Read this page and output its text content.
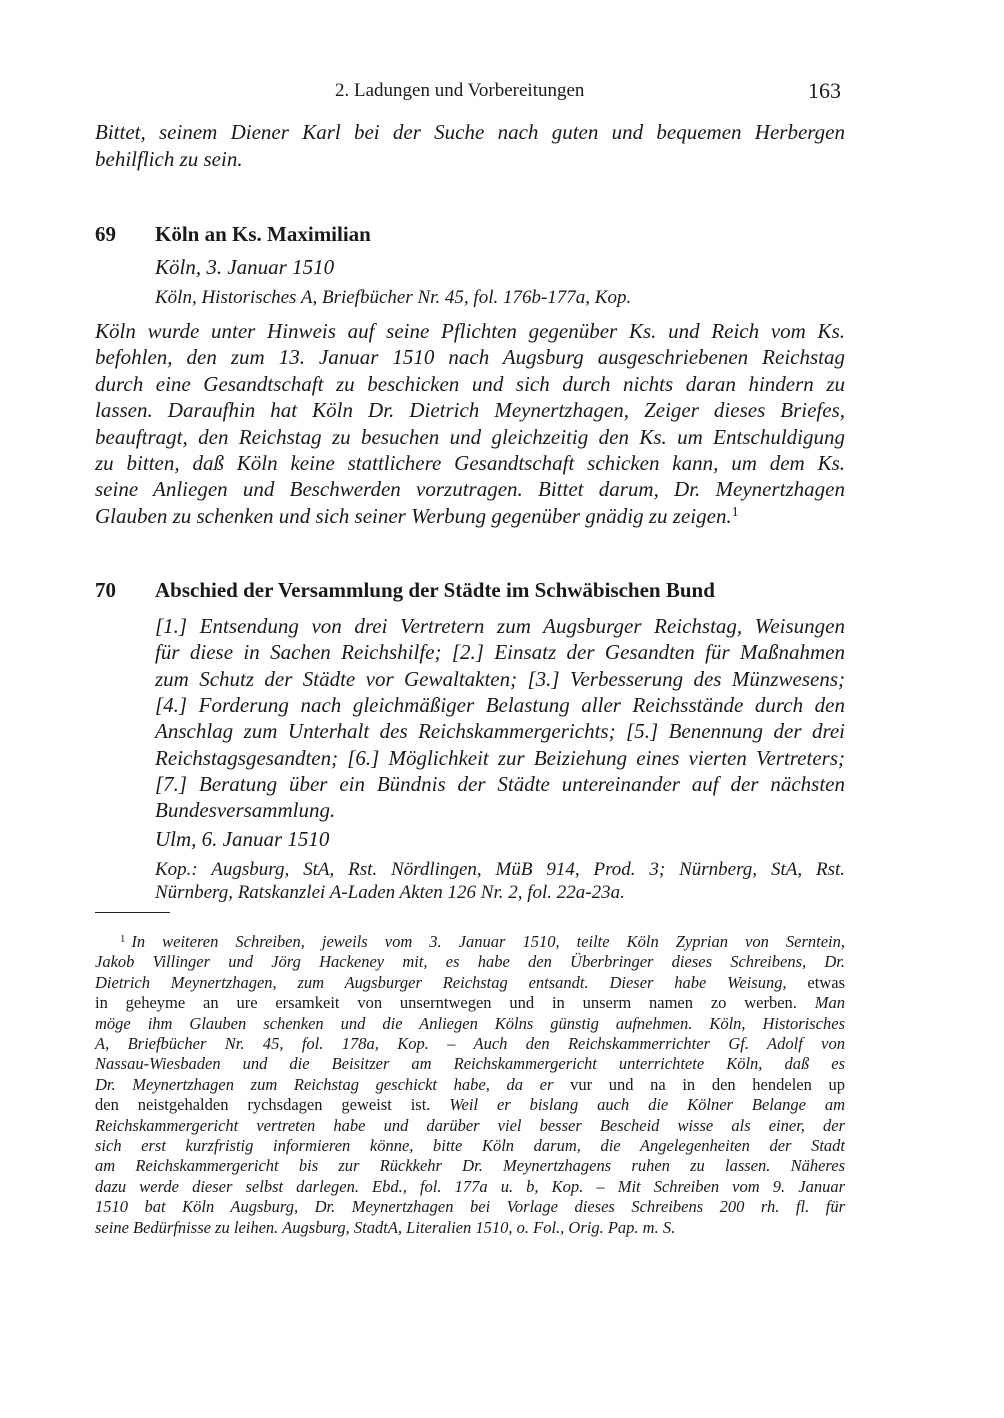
2. Ladungen und Vorbereitungen	163
Bittet, seinem Diener Karl bei der Suche nach guten und bequemen Herbergen
behilflich zu sein.
69 Köln an Ks. Maximilian
Köln, 3. Januar 1510
Köln, Historisches A, Briefbücher Nr. 45, fol. 176b-177a, Kop.
Köln wurde unter Hinweis auf seine Pflichten gegenüber Ks. und Reich vom Ks.
befohlen, den zum 13. Januar 1510 nach Augsburg ausgeschriebenen Reichstag
durch eine Gesandtschaft zu beschicken und sich durch nichts daran hindern zu
lassen. Daraufhin hat Köln Dr. Dietrich Meynertzhagen, Zeiger dieses Briefes,
beauftragt, den Reichstag zu besuchen und gleichzeitig den Ks. um Entschuldigung
zu bitten, daß Köln keine stattlichere Gesandtschaft schicken kann, um dem Ks.
seine Anliegen und Beschwerden vorzutragen. Bittet darum, Dr. Meynertzhagen
Glauben zu schenken und sich seiner Werbung gegenüber gnädig zu zeigen.$^1$
70 Abschied der Versammlung der Städte im Schwäbischen Bund
[1.] Entsendung von drei Vertretern zum Augsburger Reichstag, Weisungen
für diese in Sachen Reichshilfe; [2.] Einsatz der Gesandten für Maßnahmen
zum Schutz der Städte vor Gewaltakten; [3.] Verbesserung des Münzwesens;
[4.] Forderung nach gleichmäßiger Belastung aller Reichsstände durch den
Anschlag zum Unterhalt des Reichskammergerichts; [5.] Benennung der drei
Reichstagsgesandten; [6.] Möglichkeit zur Beiziehung eines vierten Vertreters;
[7.] Beratung über ein Bündnis der Städte untereinander auf der nächsten
Bundesversammlung.
Ulm, 6. Januar 1510
Kop.: Augsburg, StA, Rst. Nördlingen, MüB 914, Prod. 3; Nürnberg, StA, Rst.
Nürnberg, Ratskanzlei A-Laden Akten 126 Nr. 2, fol. 22a-23a.
$^1$ In weiteren Schreiben, jeweils vom 3. Januar 1510, teilte Köln Zyprian von Serntein,
Jakob Villinger und Jörg Hackeney mit, es habe den Überbringer dieses Schreibens, Dr.
Dietrich Meynertzhagen, zum Augsburger Reichstag entsandt. Dieser habe Weisung, etwas
in geheyme an ure ersamkeit von unserntwegen und in unserm namen zo werben. Man
möge ihm Glauben schenken und die Anliegen Kölns günstig aufnehmen. Köln, Historisches
A, Briefbücher Nr. 45, fol. 178a, Kop. – Auch den Reichskammerrichter Gf. Adolf von
Nassau-Wiesbaden und die Beisitzer am Reichskammergericht unterrichtete Köln, daß es
Dr. Meynertzhagen zum Reichstag geschickt habe, da er vur und na in den hendelen up
den neistgehalden rychsdagen geweist ist. Weil er bislang auch die Kölner Belange am
Reichskammergericht vertreten habe und darüber viel besser Bescheid wisse als einer, der
sich erst kurzfristig informieren könne, bitte Köln darum, die Angelegenheiten der Stadt
am Reichskammergericht bis zur Rückkehr Dr. Meynertzhagens ruhen zu lassen. Näheres
dazu werde dieser selbst darlegen. Ebd., fol. 177a u. b, Kop. – Mit Schreiben vom 9. Januar
1510 bat Köln Augsburg, Dr. Meynertzhagen bei Vorlage dieses Schreibens 200 rh. fl. für
seine Bedürfnisse zu leihen. Augsburg, StadtA, Literalien 1510, o. Fol., Orig. Pap. m. S.
